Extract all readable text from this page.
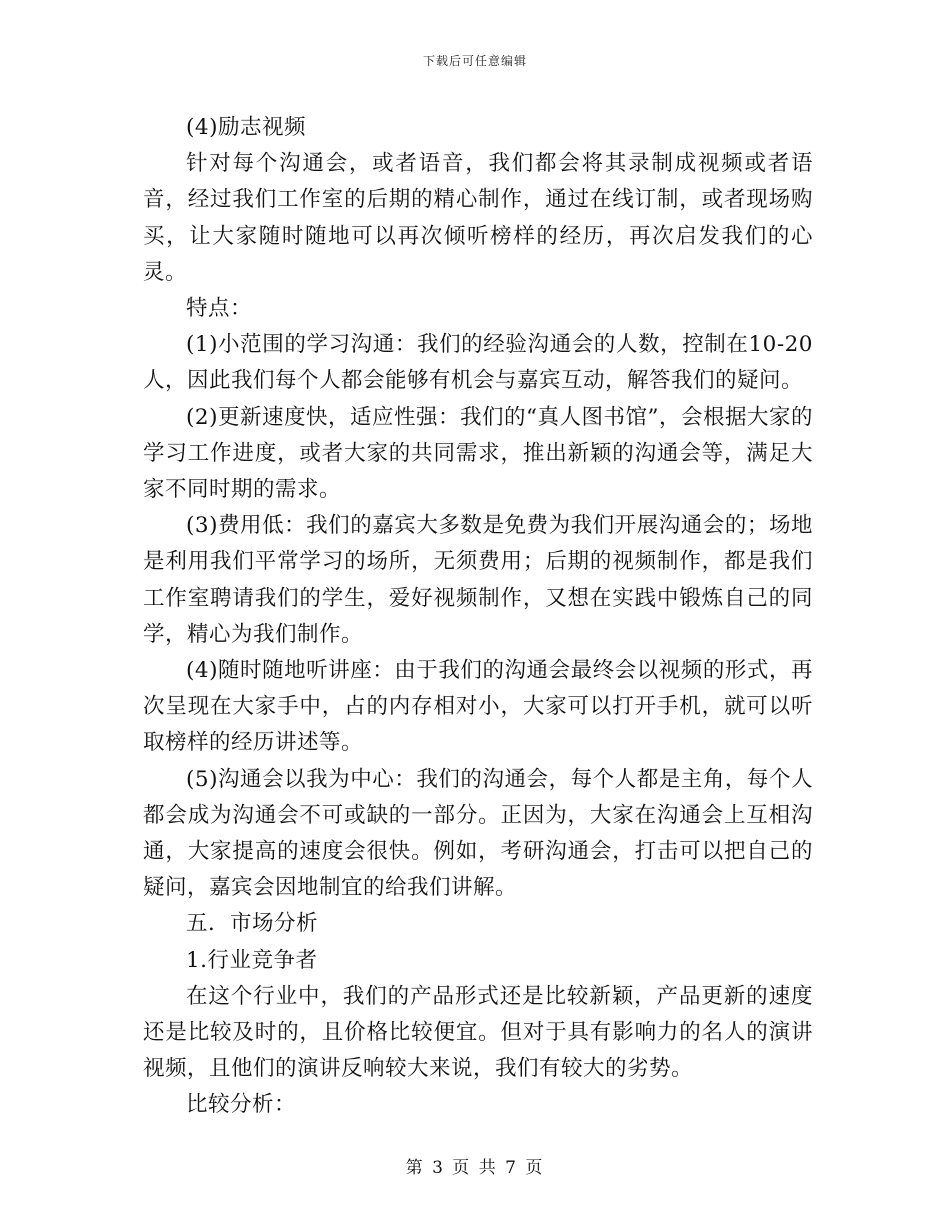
下载后可任意编辑

(4)励志视频

针对每个沟通会，或者语音，我们都会将其录制成视频或者语音，经过我们工作室的后期的精心制作，通过在线订制，或者现场购买，让大家随时随地可以再次倾听榜样的经历，再次启发我们的心灵。

特点：

(1)小范围的学习沟通：我们的经验沟通会的人数，控制在10-20人，因此我们每个人都会能够有机会与嘉宾互动，解答我们的疑问。

(2)更新速度快，适应性强：我们的“真人图书馆”，会根据大家的学习工作进度，或者大家的共同需求，推出新颖的沟通会等，满足大家不同时期的需求。

(3)费用低：我们的嘉宾大多数是免费为我们开展沟通会的；场地是利用我们平常学习的场所，无须费用；后期的视频制作，都是我们工作室聘请我们的学生，爱好视频制作，又想在实践中锻炼自己的同学，精心为我们制作。

(4)随时随地听讲座：由于我们的沟通会最终会以视频的形式，再次呈现在大家手中，占的内存相对小，大家可以打开手机，就可以听取榜样的经历讲述等。

(5)沟通会以我为中心：我们的沟通会，每个人都是主角，每个人都会成为沟通会不可或缺的一部分。正因为，大家在沟通会上互相沟通，大家提高的速度会很快。例如，考研沟通会，打击可以把自己的疑问，嘉宾会因地制宜的给我们讲解。

五．市场分析

1.行业竞争者

在这个行业中，我们的产品形式还是比较新颖，产品更新的速度还是比较及时的，且价格比较便宜。但对于具有影响力的名人的演讲视频，且他们的演讲反响较大来说，我们有较大的劣势。

比较分析：

第 3 页 共 7 页
